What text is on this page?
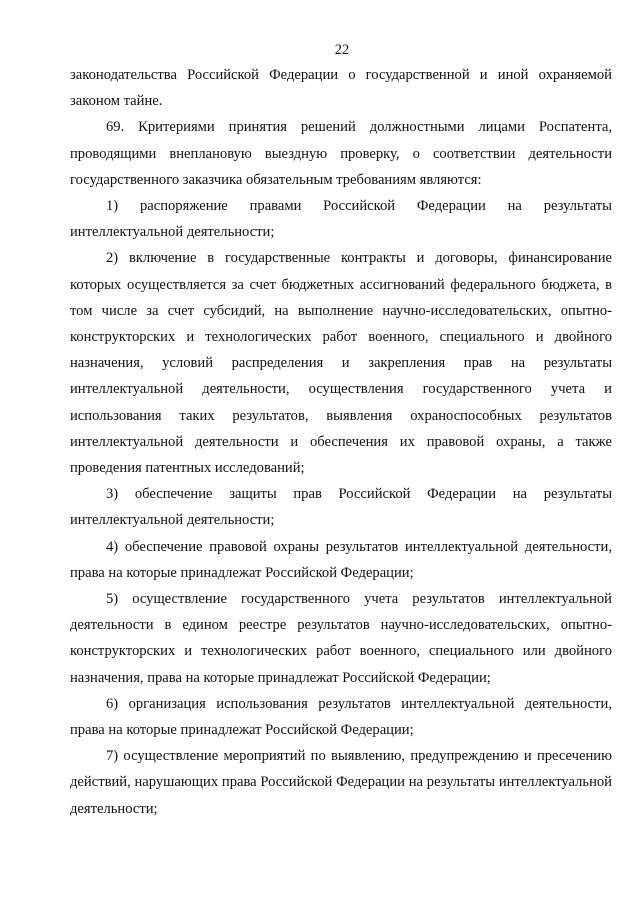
22

законодательства Российской Федерации о государственной и иной охраняемой законом тайне.

69. Критериями принятия решений должностными лицами Роспатента, проводящими внеплановую выездную проверку, о соответствии деятельности государственного заказчика обязательным требованиям являются:

1) распоряжение правами Российской Федерации на результаты интеллектуальной деятельности;

2) включение в государственные контракты и договоры, финансирование которых осуществляется за счет бюджетных ассигнований федерального бюджета, в том числе за счет субсидий, на выполнение научно-исследовательских, опытно-конструкторских и технологических работ военного, специального и двойного назначения, условий распределения и закрепления прав на результаты интеллектуальной деятельности, осуществления государственного учета и использования таких результатов, выявления охраноспособных результатов интеллектуальной деятельности и обеспечения их правовой охраны, а также проведения патентных исследований;

3) обеспечение защиты прав Российской Федерации на результаты интеллектуальной деятельности;

4) обеспечение правовой охраны результатов интеллектуальной деятельности, права на которые принадлежат Российской Федерации;

5) осуществление государственного учета результатов интеллектуальной деятельности в едином реестре результатов научно-исследовательских, опытно-конструкторских и технологических работ военного, специального или двойного назначения, права на которые принадлежат Российской Федерации;

6) организация использования результатов интеллектуальной деятельности, права на которые принадлежат Российской Федерации;

7) осуществление мероприятий по выявлению, предупреждению и пресечению действий, нарушающих права Российской Федерации на результаты интеллектуальной деятельности;
